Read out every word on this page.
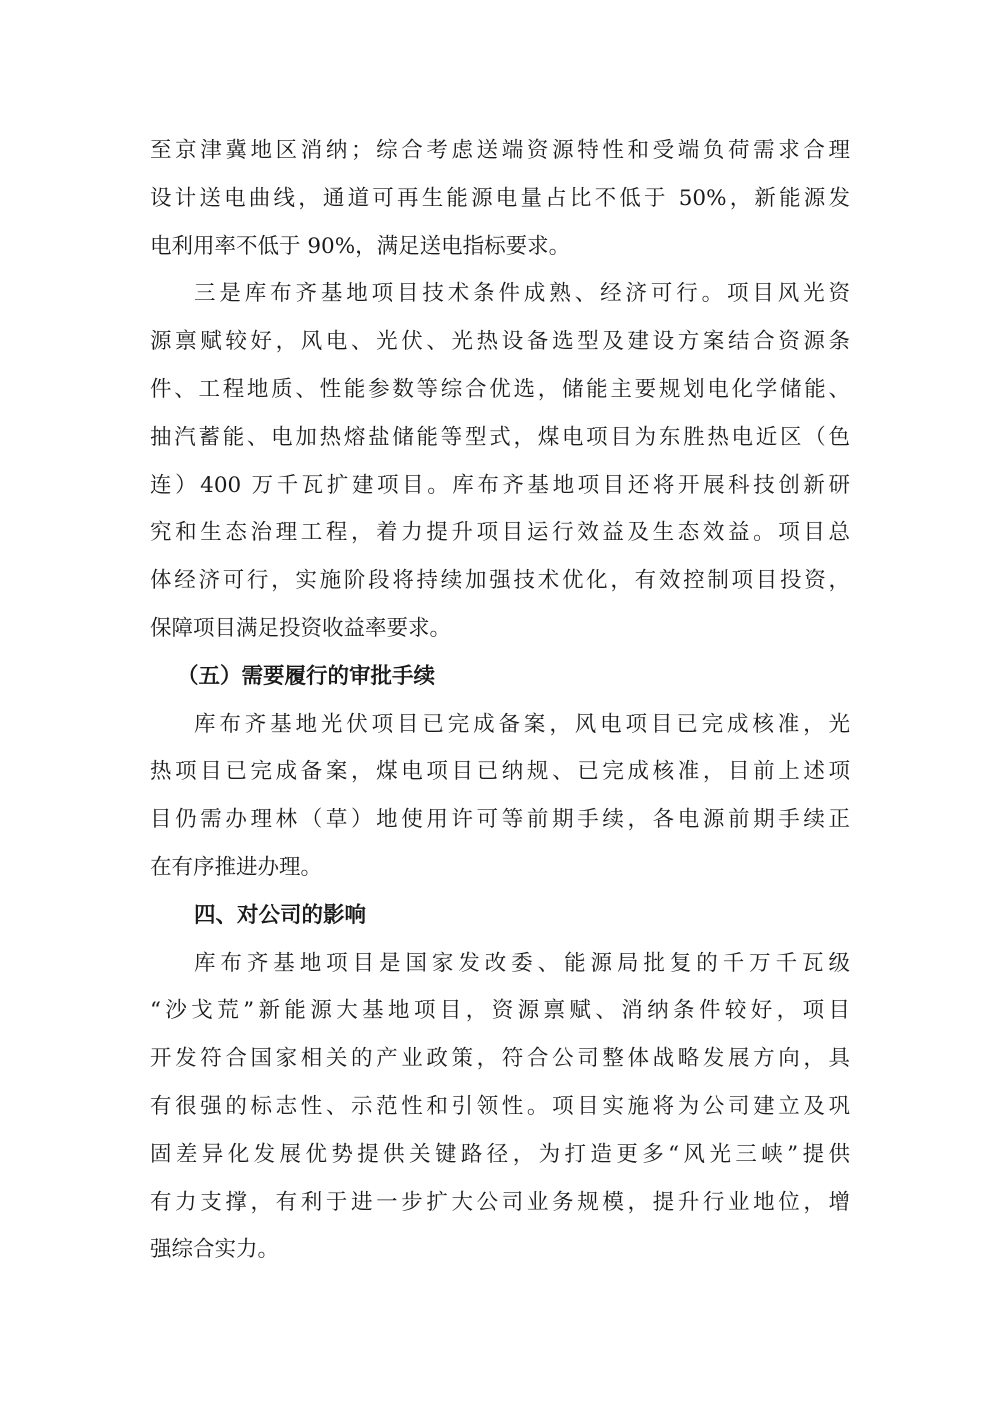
至京津冀地区消纳；综合考虑送端资源特性和受端负荷需求合理
设计送电曲线，通道可再生能源电量占比不低于 50%，新能源发
电利用率不低于 90%，满足送电指标要求。
三是库布齐基地项目技术条件成熟、经济可行。项目风光资
源禀赋较好，风电、光伏、光热设备选型及建设方案结合资源条
件、工程地质、性能参数等综合优选，储能主要规划电化学储能、
抽汽蓄能、电加热熔盐储能等型式，煤电项目为东胜热电近区（色
连）400 万千瓦扩建项目。库布齐基地项目还将开展科技创新研
究和生态治理工程，着力提升项目运行效益及生态效益。项目总
体经济可行，实施阶段将持续加强技术优化，有效控制项目投资，
保障项目满足投资收益率要求。
（五）需要履行的审批手续
库布齐基地光伏项目已完成备案，风电项目已完成核准，光
热项目已完成备案，煤电项目已纳规、已完成核准，目前上述项
目仍需办理林（草）地使用许可等前期手续，各电源前期手续正
在有序推进办理。
四、对公司的影响
库布齐基地项目是国家发改委、能源局批复的千万千瓦级
“沙戈荒”新能源大基地项目，资源禀赋、消纳条件较好，项目
开发符合国家相关的产业政策，符合公司整体战略发展方向，具
有很强的标志性、示范性和引领性。项目实施将为公司建立及巩
固差异化发展优势提供关键路径，为打造更多“风光三峡”提供
有力支撑，有利于进一步扩大公司业务规模，提升行业地位，增
强综合实力。
